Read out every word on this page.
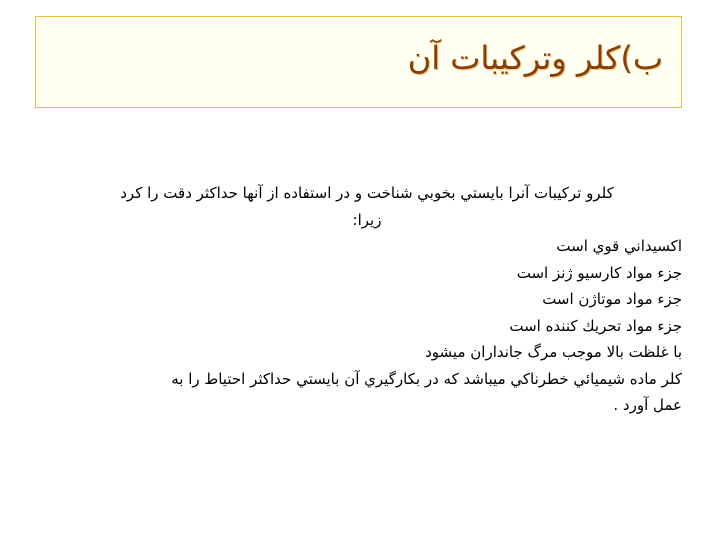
ب)كلر وتركيبات آن
كلرو تركيبات آنرا بايستي بخوبي شناخت و در استفاده از آنها حداكثر دقت را كرد
زيرا:
اكسيداني قوي است
جزء مواد كارسيو ژنز است
جزء مواد موتاژن است
جزء مواد تحريك كننده است
با غلظت بالا موجب مرگ جانداران ميشود
كلر ماده شيميائي خطرناكي ميباشد كه در بكارگيري آن بايستي حداكثر احتياط را به
عمل آورد .
